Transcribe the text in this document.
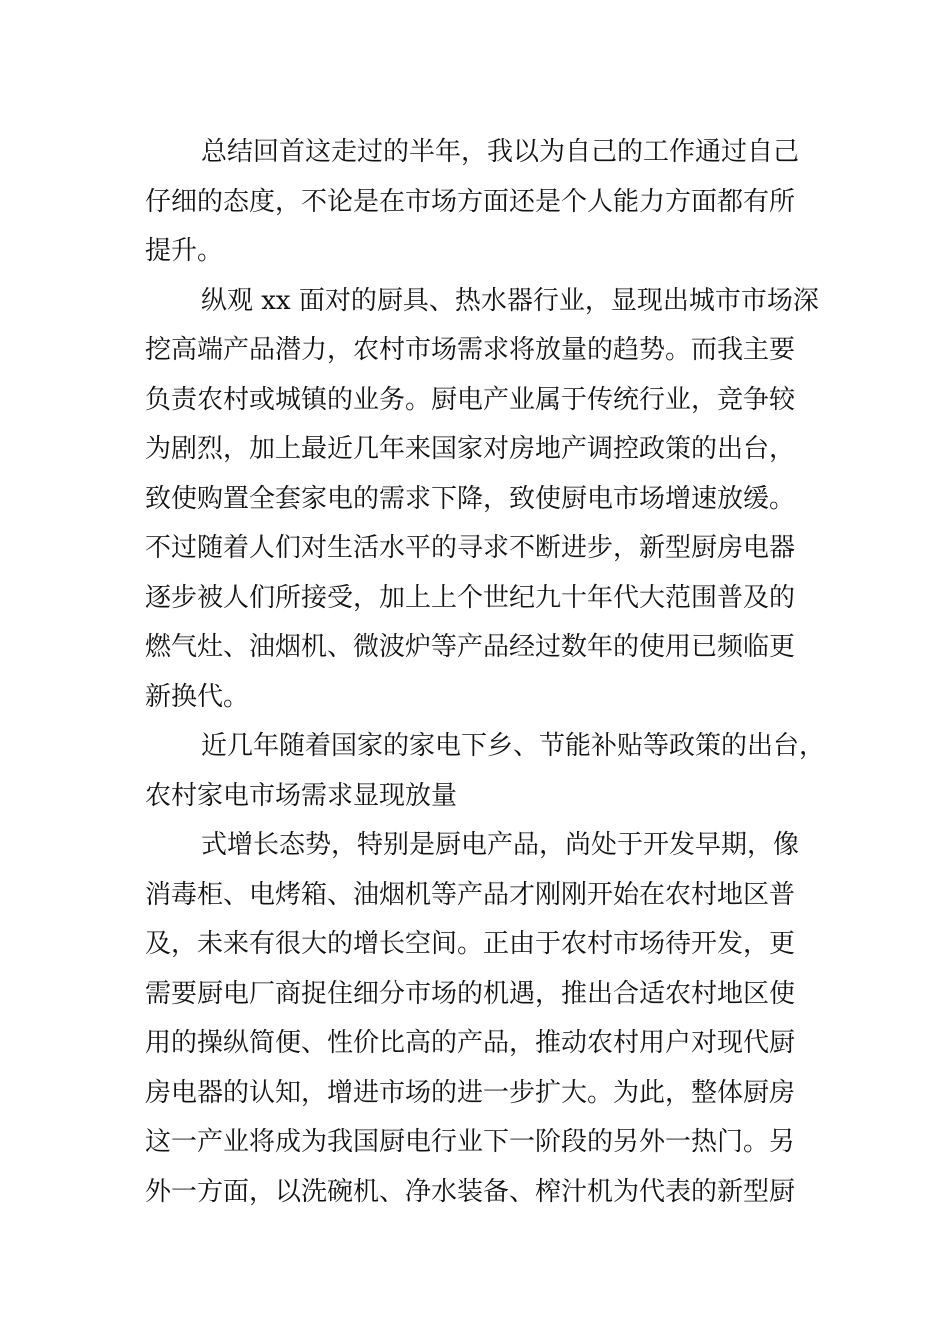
总结回首这走过的半年，我以为自己的工作通过自己
仔细的态度，不论是在市场方面还是个人能力方面都有所
提升。
纵观 xx 面对的厨具、热水器行业，显现出城市市场深
挖高端产品潜力，农村市场需求将放量的趋势。而我主要
负责农村或城镇的业务。厨电产业属于传统行业，竞争较
为剧烈，加上最近几年来国家对房地产调控政策的出台，
致使购置全套家电的需求下降，致使厨电市场增速放缓。
不过随着人们对生活水平的寻求不断进步，新型厨房电器
逐步被人们所接受，加上上个世纪九十年代大范围普及的
燃气灶、油烟机、微波炉等产品经过数年的使用已频临更
新换代。
近几年随着国家的家电下乡、节能补贴等政策的出台，
农村家电市场需求显现放量
式增长态势，特别是厨电产品，尚处于开发早期，像
消毒柜、电烤箱、油烟机等产品才刚刚开始在农村地区普
及，未来有很大的增长空间。正由于农村市场待开发，更
需要厨电厂商捉住细分市场的机遇，推出合适农村地区使
用的操纵简便、性价比高的产品，推动农村用户对现代厨
房电器的认知，增进市场的进一步扩大。为此，整体厨房
这一产业将成为我国厨电行业下一阶段的另外一热门。另
外一方面，以洗碗机、净水装备、榨汁机为代表的新型厨
